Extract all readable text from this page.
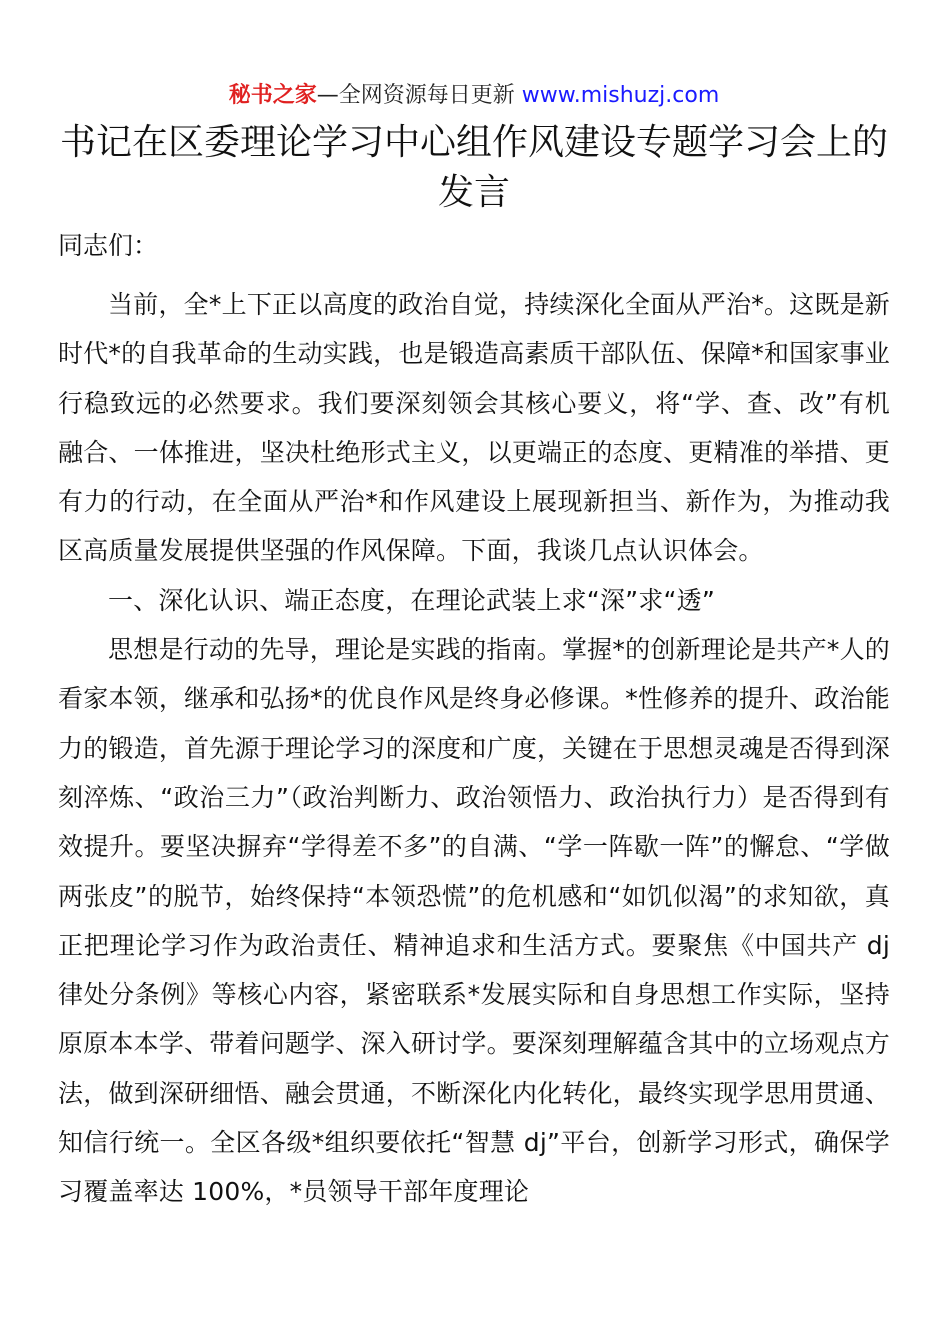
秘书之家—全网资源每日更新 www.mishuzj.com
书记在区委理论学习中心组作风建设专题学习会上的发言
同志们：

当前，全*上下正以高度的政治自觉，持续深化全面从严治*。这既是新时代*的自我革命的生动实践，也是锻造高素质干部队伍、保障*和国家事业行稳致远的必然要求。我们要深刻领会其核心要义，将“学、查、改”有机融合、一体推进，坚决杜绝形式主义，以更端正的态度、更精准的举措、更有力的行动，在全面从严治*和作风建设上展现新担当、新作为，为推动我区高质量发展提供坚强的作风保障。下面，我谈几点认识体会。

一、深化认识、端正态度，在理论武装上求“深”求“透”

思想是行动的先导，理论是实践的指南。掌握*的创新理论是共产*人的看家本领，继承和弘扬*的优良作风是终身必修课。*性修养的提升、政治能力的锻造，首先源于理论学习的深度和广度，关键在于思想灵魂是否得到深刻淬炼、“政治三力”（政治判断力、政治领悟力、政治执行力）是否得到有效提升。要坚决摒弃“学得差不多”的自满、“学一阵歇一阵”的懈怠、“学做两张皮”的脱节，始终保持“本领恐慌”的危机感和“如饥似渴”的求知欲，真正把理论学习作为政治责任、精神追求和生活方式。要聚焦《中国共产 dj 律处分条例》等核心内容，紧密联系*发展实际和自身思想工作实际，坚持原原本本学、带着问题学、深入研讨学。要深刻理解蕴含其中的立场观点方法，做到深研细悟、融会贯通，不断深化内化转化，最终实现学思用贯通、知信行统一。全区各级*组织要依托“智慧 dj”平台，创新学习形式，确保学习覆盖率达 100%，*员领导干部年度理论
